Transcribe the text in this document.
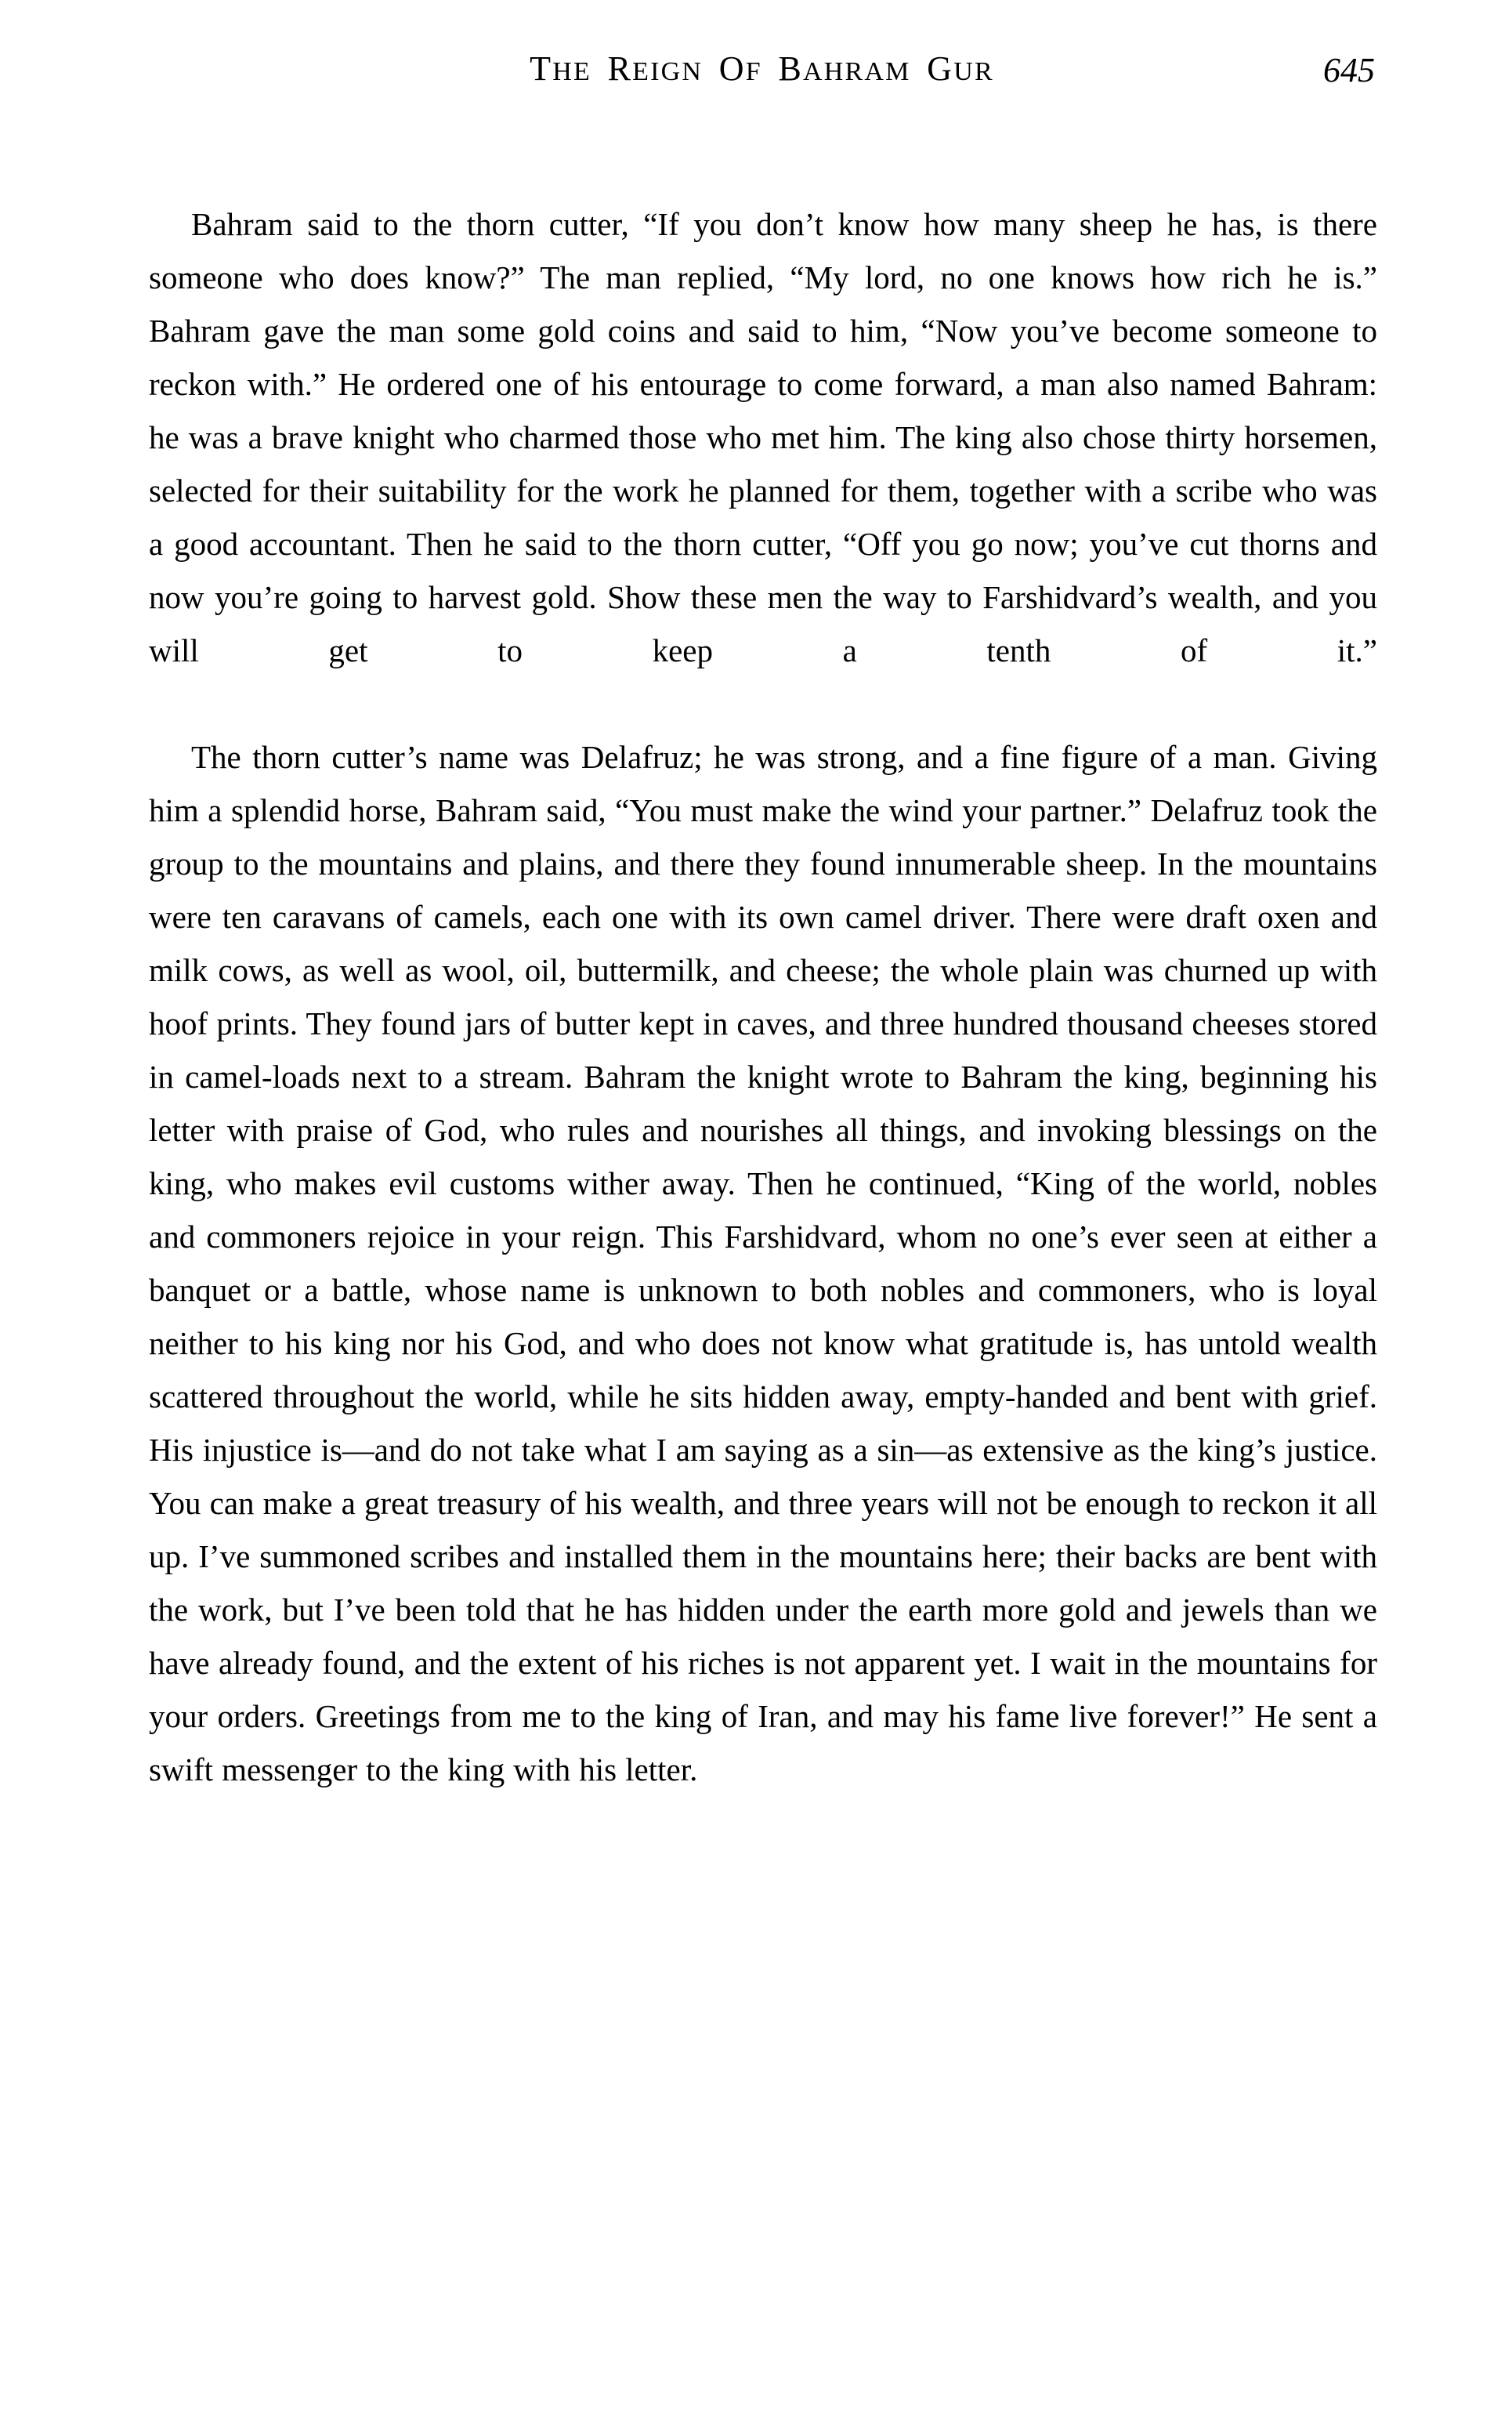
THE  REIGN  OF  BAHRAM  GUR	645

Bahram said to the thorn cutter, “If you don’t know how many sheep he has, is there someone who does know?” The man replied, “My lord, no one knows how rich he is.” Bahram gave the man some gold coins and said to him, “Now you’ve become someone to reckon with.” He ordered one of his entourage to come forward, a man also named Bahram: he was a brave knight who charmed those who met him. The king also chose thirty horsemen, selected for their suitability for the work he planned for them, together with a scribe who was a good accountant. Then he said to the thorn cutter, “Off you go now; you’ve cut thorns and now you’re going to harvest gold. Show these men the way to Farshidvard’s wealth, and you will get to keep a tenth of it.”

The thorn cutter’s name was Delafruz; he was strong, and a fine figure of a man. Giving him a splendid horse, Bahram said, “You must make the wind your partner.” Delafruz took the group to the mountains and plains, and there they found innumerable sheep. In the mountains were ten caravans of camels, each one with its own camel driver. There were draft oxen and milk cows, as well as wool, oil, buttermilk, and cheese; the whole plain was churned up with hoof prints. They found jars of butter kept in caves, and three hundred thousand cheeses stored in camel-loads next to a stream. Bahram the knight wrote to Bahram the king, beginning his letter with praise of God, who rules and nourishes all things, and invoking blessings on the king, who makes evil customs wither away. Then he continued, “King of the world, nobles and commoners rejoice in your reign. This Farshidvard, whom no one’s ever seen at either a banquet or a battle, whose name is unknown to both nobles and commoners, who is loyal neither to his king nor his God, and who does not know what gratitude is, has untold wealth scattered throughout the world, while he sits hidden away, empty-handed and bent with grief. His injustice is—and do not take what I am saying as a sin—as extensive as the king’s justice. You can make a great treasury of his wealth, and three years will not be enough to reckon it all up. I’ve summoned scribes and installed them in the mountains here; their backs are bent with the work, but I’ve been told that he has hidden under the earth more gold and jewels than we have already found, and the extent of his riches is not apparent yet. I wait in the mountains for your orders. Greetings from me to the king of Iran, and may his fame live forever!” He sent a swift messenger to the king with his letter.
